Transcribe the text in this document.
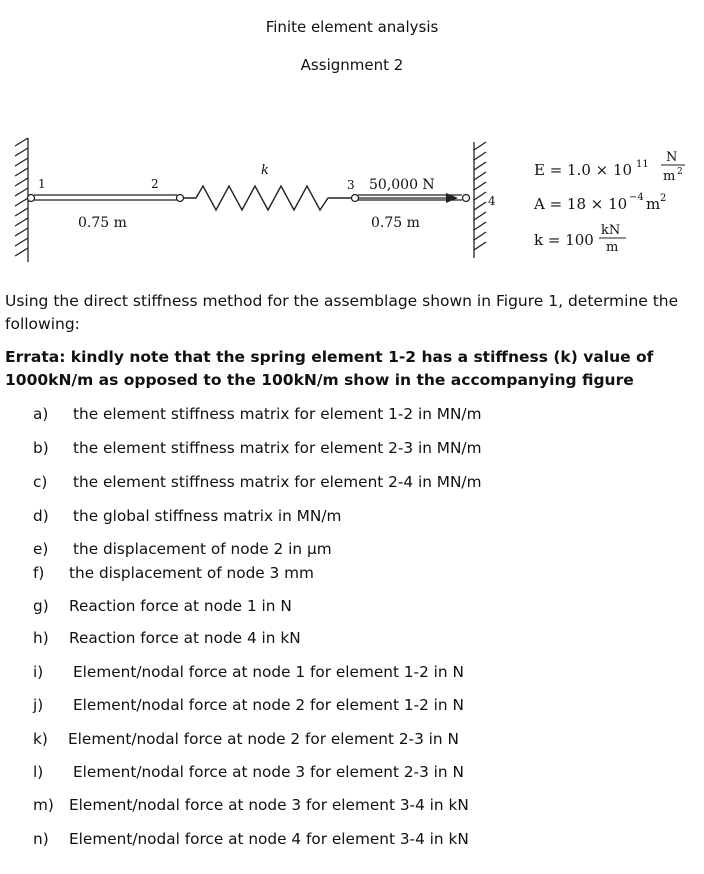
Finite element analysis
Assignment 2
1	2	3
4
k
50,000 N
0.75 m	0.75 m
E = 1.0 × 10 11 N
m 2
A = 18 × 10 −4 m 2
k = 100
kN
m
Using the direct stiffness method for the assemblage shown in Figure 1, determine the following:
Errata: kindly note that the spring element 1-2 has a stiffness (k) value of 1000kN/m as opposed to the 100kN/m show in the accompanying figure
a) the element stiffness matrix for element 1-2 in MN/m
b) the element stiffness matrix for element 2-3 in MN/m
c) the element stiffness matrix for element 2-4 in MN/m
d) the global stiffness matrix in MN/m
e) the displacement of node 2 in μm
f) the displacement of node 3 mm
g) Reaction force at node 1 in N
h) Reaction force at node 4 in kN
i) Element/nodal force at node 1 for element 1-2 in N
j) Element/nodal force at node 2 for element 1-2 in N
k) Element/nodal force at node 2 for element 2-3 in N
l) Element/nodal force at node 3 for element 2-3 in N
m) Element/nodal force at node 3 for element 3-4 in kN
n) Element/nodal force at node 4 for element 3-4 in kN
